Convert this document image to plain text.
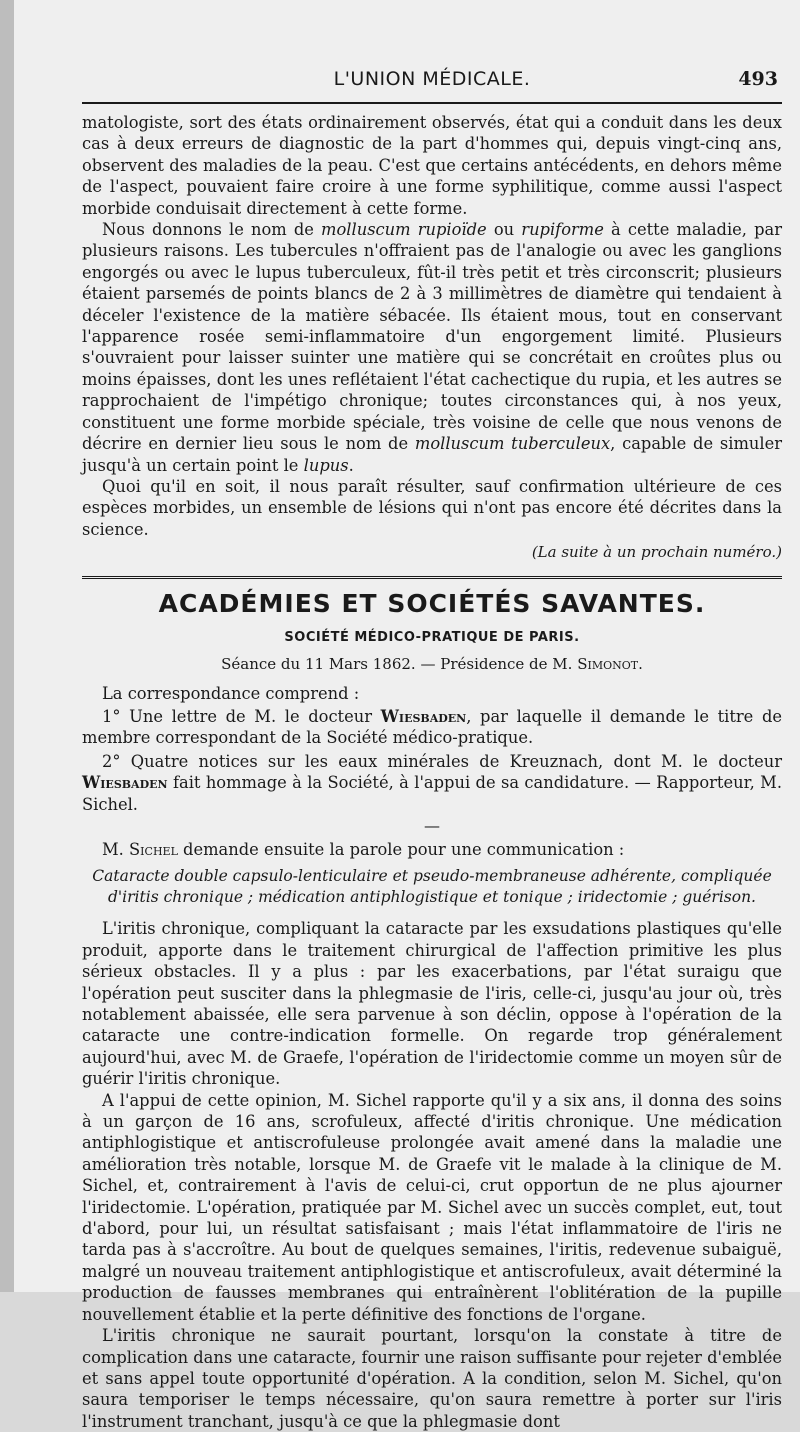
L'UNION MÉDICALE.	493

matologiste, sort des états ordinairement observés, état qui a conduit dans les deux cas à deux erreurs de diagnostic de la part d'hommes qui, depuis vingt-cinq ans, observent des maladies de la peau. C'est que certains antécédents, en dehors même de l'aspect, pouvaient faire croire à une forme syphilitique, comme aussi l'aspect morbide conduisait directement à cette forme.

Nous donnons le nom de molluscum rupioïde ou rupiforme à cette maladie, par plusieurs raisons. Les tubercules n'offraient pas de l'analogie ou avec les ganglions engorgés ou avec le lupus tuberculeux, fût-il très petit et très circonscrit; plusieurs étaient parsemés de points blancs de 2 à 3 millimètres de diamètre qui tendaient à déceler l'existence de la matière sébacée. Ils étaient mous, tout en conservant l'apparence rosée semi-inflammatoire d'un engorgement limité. Plusieurs s'ouvraient pour laisser suinter une matière qui se concrétait en croûtes plus ou moins épaisses, dont les unes reflétaient l'état cachectique du rupia, et les autres se rapprochaient de l'impétigo chronique; toutes circonstances qui, à nos yeux, constituent une forme morbide spéciale, très voisine de celle que nous venons de décrire en dernier lieu sous le nom de molluscum tuberculeux, capable de simuler jusqu'à un certain point le lupus.

Quoi qu'il en soit, il nous paraît résulter, sauf confirmation ultérieure de ces espèces morbides, un ensemble de lésions qui n'ont pas encore été décrites dans la science.

(La suite à un prochain numéro.)

ACADÉMIES ET SOCIÉTÉS SAVANTES.
SOCIÉTÉ MÉDICO-PRATIQUE DE PARIS.
Séance du 11 Mars 1862. — Présidence de M. Simonot.

La correspondance comprend :

1° Une lettre de M. le docteur Wiesbaden, par laquelle il demande le titre de membre correspondant de la Société médico-pratique.

2° Quatre notices sur les eaux minérales de Kreuznach, dont M. le docteur Wiesbaden fait hommage à la Société, à l'appui de sa candidature. — Rapporteur, M. Sichel.

—

M. Sichel demande ensuite la parole pour une communication :

Cataracte double capsulo-lenticulaire et pseudo-membraneuse adhérente, compliquée d'iritis chronique ; médication antiphlogistique et tonique ; iridectomie ; guérison.

L'iritis chronique, compliquant la cataracte par les exsudations plastiques qu'elle produit, apporte dans le traitement chirurgical de l'affection primitive les plus sérieux obstacles. Il y a plus : par les exacerbations, par l'état suraigu que l'opération peut susciter dans la phlegmasie de l'iris, celle-ci, jusqu'au jour où, très notablement abaissée, elle sera parvenue à son déclin, oppose à l'opération de la cataracte une contre-indication formelle. On regarde trop généralement aujourd'hui, avec M. de Graefe, l'opération de l'iridectomie comme un moyen sûr de guérir l'iritis chronique.

A l'appui de cette opinion, M. Sichel rapporte qu'il y a six ans, il donna des soins à un garçon de 16 ans, scrofuleux, affecté d'iritis chronique. Une médication antiphlogistique et antiscrofuleuse prolongée avait amené dans la maladie une amélioration très notable, lorsque M. de Graefe vit le malade à la clinique de M. Sichel, et, contrairement à l'avis de celui-ci, crut opportun de ne plus ajourner l'iridectomie. L'opération, pratiquée par M. Sichel avec un succès complet, eut, tout d'abord, pour lui, un résultat satisfaisant ; mais l'état inflammatoire de l'iris ne tarda pas à s'accroître. Au bout de quelques semaines, l'iritis, redevenue subaiguë, malgré un nouveau traitement antiphlogistique et antiscrofuleux, avait déterminé la production de fausses membranes qui entraînèrent l'oblitération de la pupille nouvellement établie et la perte définitive des fonctions de l'organe.

L'iritis chronique ne saurait pourtant, lorsqu'on la constate à titre de complication dans une cataracte, fournir une raison suffisante pour rejeter d'emblée et sans appel toute opportunité d'opération. A la condition, selon M. Sichel, qu'on saura temporiser le temps nécessaire, qu'on saura remettre à porter sur l'iris l'instrument tranchant, jusqu'à ce que la phlegmasie dont
